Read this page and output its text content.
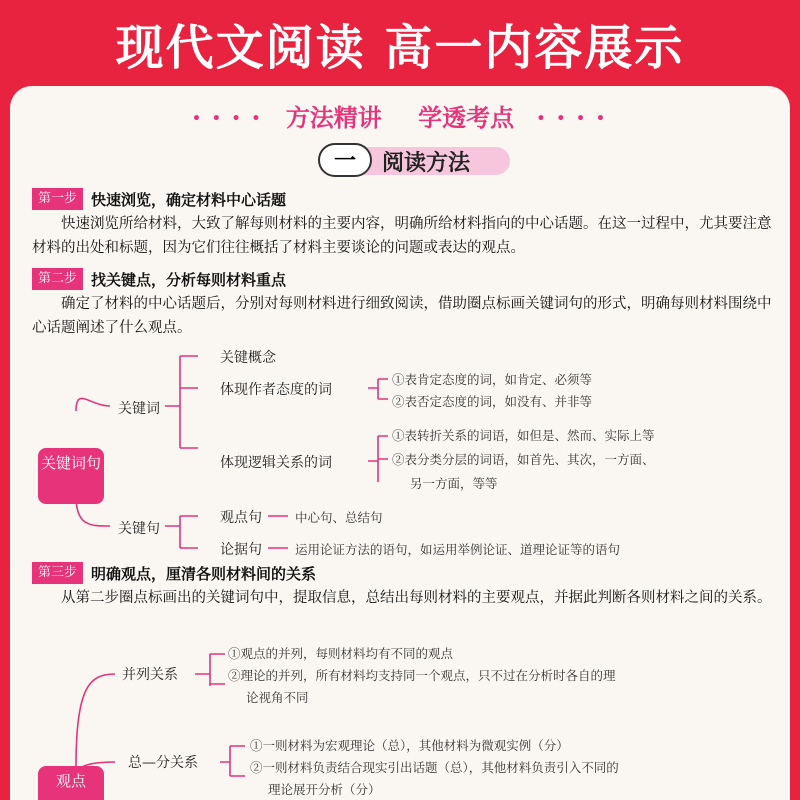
现代文阅读 高一内容展示
• • • • 方法精讲 学透考点 • • • •
一	阅读方法
第一步 快速浏览，确定材料中心话题
快速浏览所给材料，大致了解每则材料的主要内容，明确所给材料指向的中心话题。在这一过程中，尤其要注意材料的出处和标题，因为它们往往概括了材料主要谈论的问题或表达的观点。
第二步 找关键点，分析每则材料重点
确定了材料的中心话题后，分别对每则材料进行细致阅读，借助圈点标画关键词句的形式，明确每则材料围绕中心话题阐述了什么观点。
关键词句
关键词
关键概念
体现作者态度的词
①表肯定态度的词，如肯定、必须等
②表否定态度的词，如没有、并非等
体现逻辑关系的词
①表转折关系的词语，如但是、然而、实际上等
②表分类分层的词语，如首先、其次，一方面、
另一方面，等等
关键句
观点句	中心句、总结句
论据句	运用论证方法的语句，如运用举例论证、道理论证等的语句
第三步 明确观点，厘清各则材料间的关系
从第二步圈点标画出的关键词句中，提取信息，总结出每则材料的主要观点，并据此判断各则材料之间的关系。
观点
并列关系
①观点的并列，每则材料均有不同的观点
②理论的并列，所有材料均支持同一个观点，只不过在分析时各自的理
论视角不同
总—分关系
①一则材料为宏观理论（总），其他材料为微观实例（分）
②一则材料负责结合现实引出话题（总），其他材料负责引入不同的
理论展开分析（分）
